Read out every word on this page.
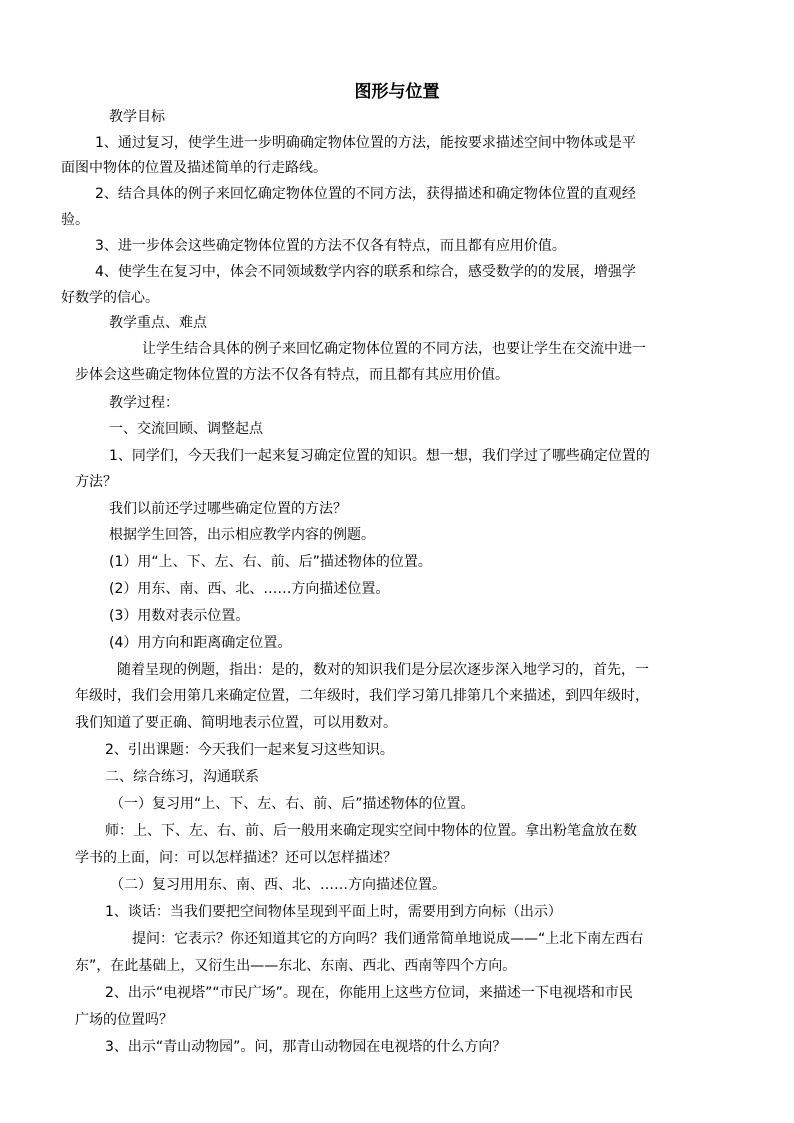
图形与位置
教学目标
1、通过复习，使学生进一步明确确定物体位置的方法，能按要求描述空间中物体或是平
面图中物体的位置及描述简单的行走路线。
2、结合具体的例子来回忆确定物体位置的不同方法，获得描述和确定物体位置的直观经
验。
3、进一步体会这些确定物体位置的方法不仅各有特点，而且都有应用价值。
4、使学生在复习中，体会不同领域数学内容的联系和综合，感受数学的的发展，增强学
好数学的信心。
教学重点、难点
让学生结合具体的例子来回忆确定物体位置的不同方法，也要让学生在交流中进一
步体会这些确定物体位置的方法不仅各有特点，而且都有其应用价值。
教学过程：
一、交流回顾、调整起点
1、同学们，今天我们一起来复习确定位置的知识。想一想，我们学过了哪些确定位置的
方法？
我们以前还学过哪些确定位置的方法？
根据学生回答，出示相应教学内容的例题。
(1）用“上、下、左、右、前、后”描述物体的位置。
(2）用东、南、西、北、……方向描述位置。
(3）用数对表示位置。
(4）用方向和距离确定位置。
随着呈现的例题，指出：是的，数对的知识我们是分层次逐步深入地学习的，首先，一
年级时，我们会用第几来确定位置，二年级时，我们学习第几排第几个来描述，到四年级时，
我们知道了要正确、简明地表示位置，可以用数对。
2、引出课题：今天我们一起来复习这些知识。
二、综合练习，沟通联系
（一）复习用“上、下、左、右、前、后”描述物体的位置。
师：上、下、左、右、前、后一般用来确定现实空间中物体的位置。拿出粉笔盒放在数
学书的上面，问：可以怎样描述？还可以怎样描述？
（二）复习用用东、南、西、北、……方向描述位置。
1、谈话：当我们要把空间物体呈现到平面上时，需要用到方向标（出示）
提问：它表示？你还知道其它的方向吗？我们通常简单地说成——“上北下南左西右
东”，在此基础上，又衍生出——东北、东南、西北、西南等四个方向。
2、出示“电视塔”“市民广场”。现在，你能用上这些方位词，来描述一下电视塔和市民
广场的位置吗？
3、出示“青山动物园”。问，那青山动物园在电视塔的什么方向？
